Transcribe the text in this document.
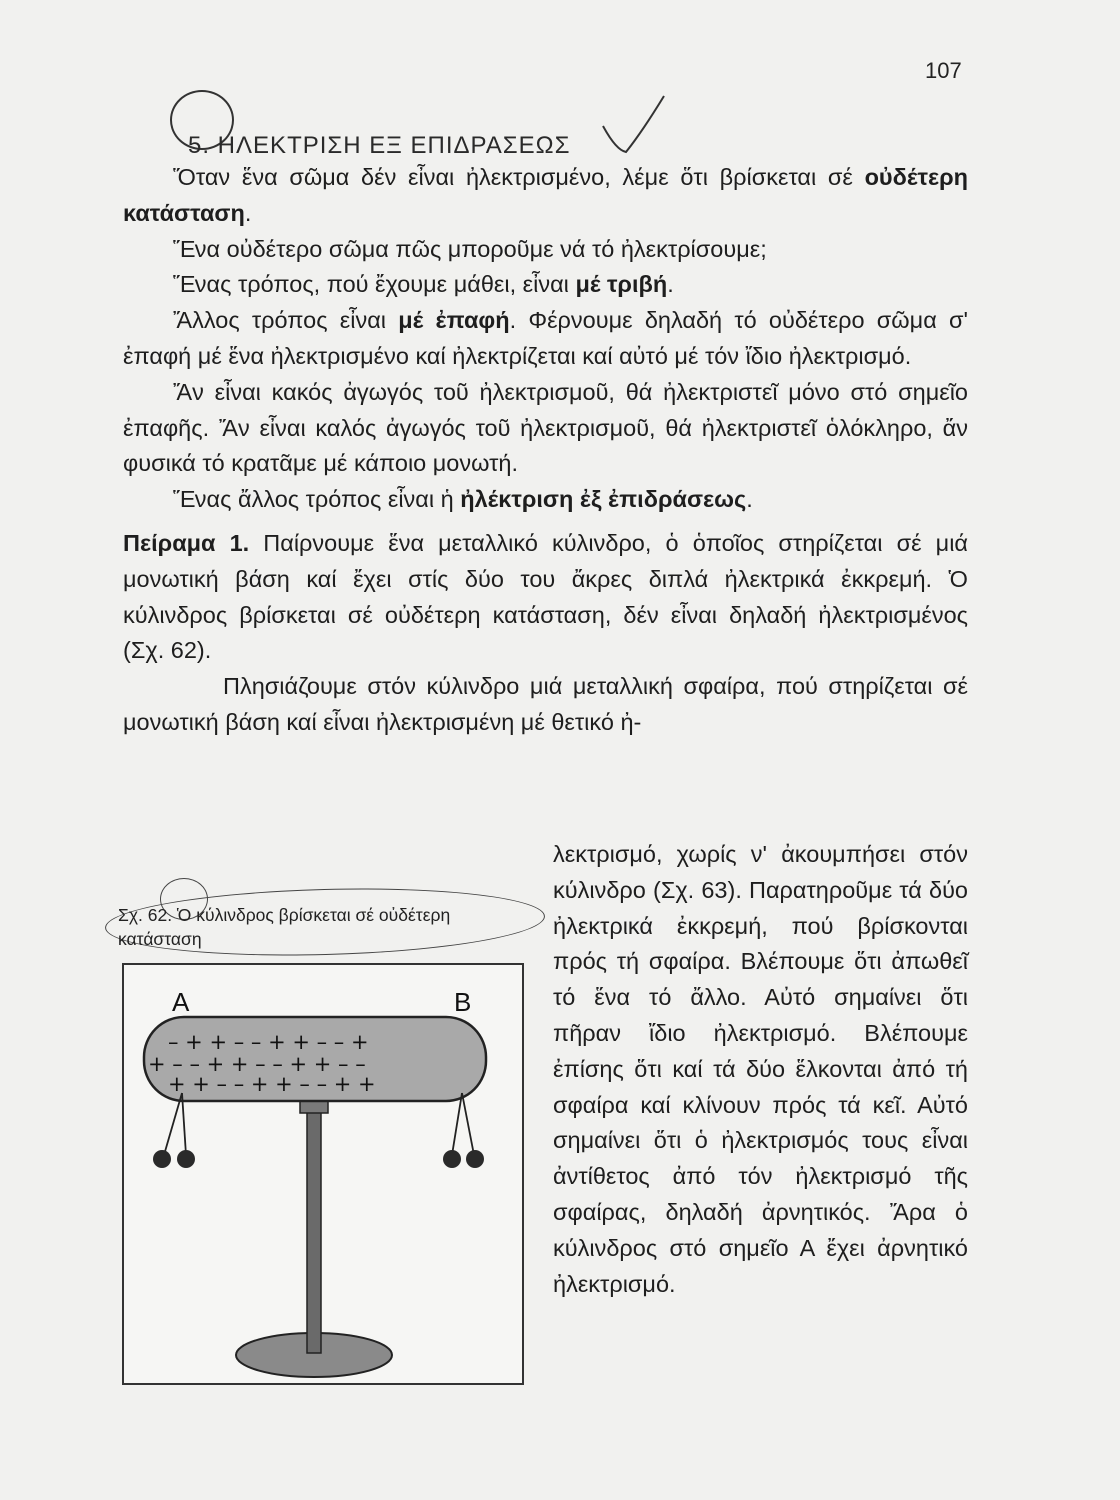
107
5. ΗΛΕΚΤΡΙΣΗ ΕΞ ΕΠΙΔΡΑΣΕΩΣ

Ὅταν ἕνα σῶμα δέν εἶναι ἠλεκτρισμένο, λέμε ὅτι βρίσκεται σέ οὐδέτερη κατάσταση.

Ἕνα οὐδέτερο σῶμα πῶς μποροῦμε νά τό ἠλεκτρίσουμε;

Ἕνας τρόπος, πού ἔχουμε μάθει, εἶναι μέ τριβή.

Ἄλλος τρόπος εἶναι μέ ἐπαφή. Φέρνουμε δηλαδή τό οὐδέτερο σῶμα σ' ἐπαφή μέ ἕνα ἠλεκτρισμένο καί ἠλεκτρίζεται καί αὐτό μέ τόν ἴδιο ἠλεκτρισμό.

Ἄν εἶναι κακός ἀγωγός τοῦ ἠλεκτρισμοῦ, θά ἠλεκτριστεῖ μόνο στό σημεῖο ἐπαφῆς. Ἄν εἶναι καλός ἀγωγός τοῦ ἠλεκτρισμοῦ, θά ἠλεκτριστεῖ ὁλόκληρο, ἄν φυσικά τό κρατᾶμε μέ κάποιο μονωτή.

Ἕνας ἄλλος τρόπος εἶναι ἡ ἠλέκτριση ἐξ ἐπιδράσεως.

Πείραμα 1. Παίρνουμε ἕνα μεταλλικό κύλινδρο, ὁ ὁποῖος στηρίζεται σέ μιά μονωτική βάση καί ἔχει στίς δύο του ἄκρες διπλά ἠλεκτρικά ἐκκρεμή. Ὁ κύλινδρος βρίσκεται σέ οὐδέτερη κατάσταση, δέν εἶναι δηλαδή ἠλεκτρισμένος (Σχ. 62).

Πλησιάζουμε στόν κύλινδρο μιά μεταλλική σφαίρα, πού στηρίζεται σέ μονωτική βάση καί εἶναι ἠλεκτρισμένη μέ θετικό ἠ-

λεκτρισμό, χωρίς ν' ἀκουμπήσει στόν κύλινδρο (Σχ. 63). Παρατηροῦμε τά δύο ἠλεκτρικά ἐκκρεμή, πού βρίσκονται πρός τή σφαίρα. Βλέπουμε ὅτι ἀπωθεῖ τό ἕνα τό ἄλλο. Αὐτό σημαίνει ὅτι πῆραν ἴδιο ἠλεκτρισμό. Βλέπουμε ἐπίσης ὅτι καί τά δύο ἕλκονται ἀπό τή σφαίρα καί κλίνουν πρός τά κεῖ. Αὐτό σημαίνει ὅτι ὁ ἠλεκτρισμός τους εἶναι ἀντίθετος ἀπό τόν ἠλεκτρισμό τῆς σφαίρας, δηλαδή ἀρνητικός. Ἄρα ὁ κύλινδρος στό σημεῖο Α ἔχει ἀρνητικό ἠλεκτρισμό.
Σχ. 62. Ὁ κύλινδρος βρίσκεται σέ οὐδέτερη κατάσταση
Α	Β
– + + – – + + – – +
+ – – + + – – + + – –
+ + – – + + – – + +
